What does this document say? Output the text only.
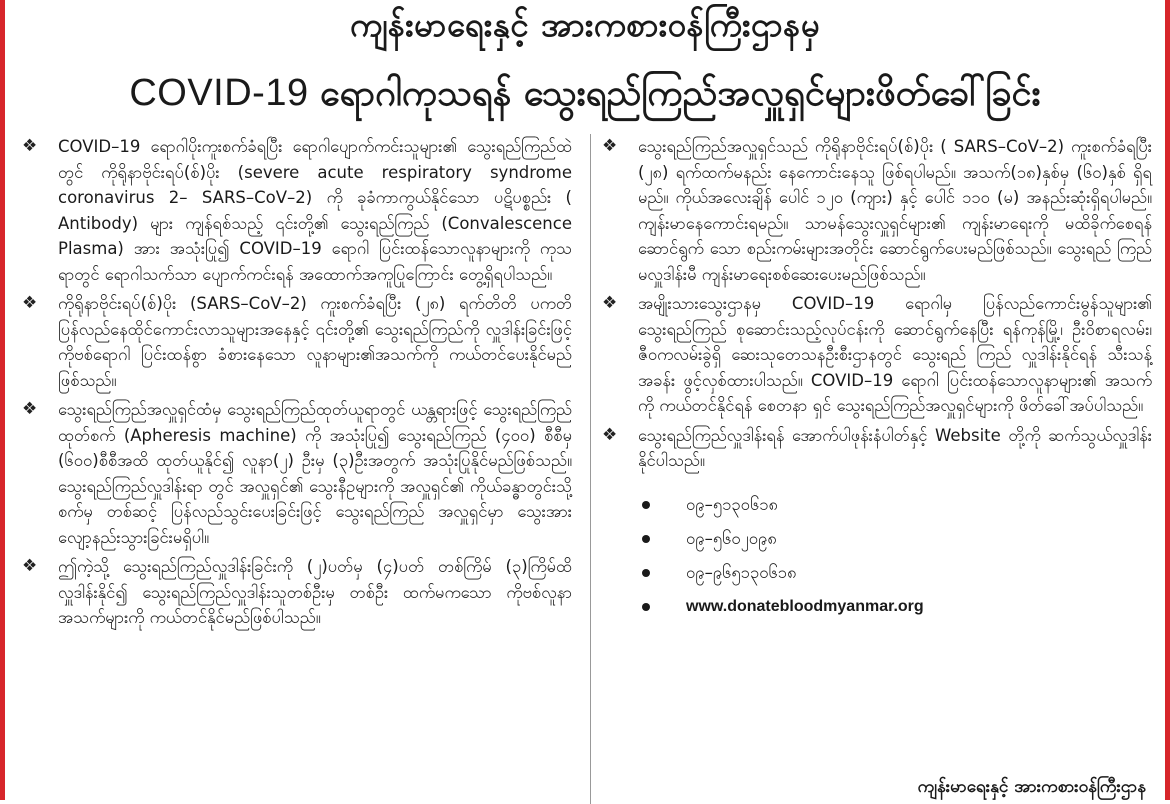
ကျန်းမာရေးနှင့် အားကစားဝန်ကြီးဌာနမှ
COVID-19 ရောဂါကုသရန် သွေးရည်ကြည်အလှူရှင်များဖိတ်ခေါ်ခြင်း
❖ COVID–19 ရောဂါပိုးကူးစက်ခံရပြီး ရောဂါပျောက်ကင်းသူများ၏ သွေးရည်ကြည်ထဲတွင် ကိုရိုနာဗိုင်းရပ်(စ်)ပိုး (severe acute respiratory syndrome coronavirus 2– SARS–CoV–2) ကို ခုခံကာကွယ်နိုင်သော ပဋိပစ္စည်း ( Antibody) များ ကျန်ရစ်သည့် ၎င်းတို့၏ သွေးရည်ကြည် (Convalescence Plasma) အား အသုံးပြု၍ COVID–19 ရောဂါ ပြင်းထန်သောလူနာများကို ကုသရာတွင် ရောဂါသက်သာ ပျောက်ကင်းရန် အထောက်အကူပြုကြောင်း တွေ့ရှိရပါသည်။
❖ ကိုရိုနာဗိုင်းရပ်(စ်)ပိုး (SARS–CoV–2) ကူးစက်ခံရပြီး (၂၈) ရက်တိတိ ပကတိ ပြန်လည်နေထိုင်ကောင်းလာသူများအနေနှင့် ၎င်းတို့၏ သွေးရည်ကြည်ကို လှူဒါန်းခြင်းဖြင့် ကိုဗစ်ရောဂါ ပြင်းထန်စွာ ခံစားနေသော လူနာများ၏အသက်ကို ကယ်တင်ပေးနိုင်မည်ဖြစ်သည်။
❖ သွေးရည်ကြည်အလှူရှင်ထံမှ သွေးရည်ကြည်ထုတ်ယူရာတွင် ယန္တရားဖြင့် သွေးရည်ကြည်ထုတ်စက် (Apheresis machine) ကို အသုံးပြု၍ သွေးရည်ကြည် (၄၀၀) စီစီမှ (၆၀၀)စီစီအထိ ထုတ်ယူနိုင်၍ လူနာ(၂) ဦးမှ (၃)ဦးအတွက် အသုံးပြုနိုင်မည်ဖြစ်သည်။ သွေးရည်ကြည်လှူဒါန်းရာ တွင် အလှူရှင်၏ သွေးနီဥများကို အလှူရှင်၏ ကိုယ်ခန္ဓာတွင်းသို့ စက်မှ တစ်ဆင့် ပြန်လည်သွင်းပေးခြင်းဖြင့် သွေးရည်ကြည် အလှူရှင်မှာ သွေးအား လျော့နည်းသွားခြင်းမရှိပါ။
❖ ဤကဲ့သို့ သွေးရည်ကြည်လှူဒါန်းခြင်းကို (၂)ပတ်မှ (၄)ပတ် တစ်ကြိမ် (၃)ကြိမ်ထိ လှူဒါန်းနိုင်၍ သွေးရည်ကြည်လှူဒါန်းသူတစ်ဦးမှ တစ်ဦး ထက်မကသော ကိုဗစ်လူနာအသက်များကို ကယ်တင်နိုင်မည်ဖြစ်ပါသည်။
❖ သွေးရည်ကြည်အလှူရှင်သည် ကိုရိုနာဗိုင်းရပ်(စ်)ပိုး ( SARS–CoV–2) ကူးစက်ခံရပြီး (၂၈) ရက်ထက်မနည်း နေကောင်းနေသူ ဖြစ်ရပါမည်။ အသက်(၁၈)နှစ်မှ (၆၀)နှစ် ရှိရမည်။ ကိုယ်အလေးချိန် ပေါင် ၁၂၀ (ကျား) နှင့် ပေါင် ၁၁၀ (မ) အနည်းဆုံးရှိရပါမည်။ ကျန်းမာနေကောင်းရမည်။ သာမန်သွေးလှူရှင်များ၏ ကျန်းမာရေးကို မထိခိုက်စေရန် ဆောင်ရွက် သော စည်းကမ်းများအတိုင်း ဆောင်ရွက်ပေးမည်ဖြစ်သည်။ သွေးရည် ကြည်မလှူဒါန်းမီ ကျန်းမာရေးစစ်ဆေးပေးမည်ဖြစ်သည်။
❖ အမျိုးသားသွေးဌာနမှ COVID–19 ရောဂါမှ ပြန်လည်ကောင်းမွန်သူများ၏ သွေးရည်ကြည် စုဆောင်းသည့်လုပ်ငန်းကို ဆောင်ရွက်နေပြီး ရန်ကုန်မြို့၊ ဦးဝိစာရလမ်း၊ ဇီဝကလမ်းခွဲရှိ ဆေးသုတေသနဦးစီးဌာနတွင် သွေးရည် ကြည် လှူဒါန်းနိုင်ရန် သီးသန့်အခန်း ဖွင့်လှစ်ထားပါသည်။ COVID–19 ရောဂါ ပြင်းထန်သောလူနာများ၏ အသက်ကို ကယ်တင်နိုင်ရန် စေတနာ ရှင် သွေးရည်ကြည်အလှူရှင်များကို ဖိတ်ခေါ်အပ်ပါသည်။
❖ သွေးရည်ကြည်လှူဒါန်းရန် အောက်ပါဖုန်းနံပါတ်နှင့် Website တို့ကို ဆက်သွယ်လှူဒါန်းနိုင်ပါသည်။
၀၉–၅၁၃၀၆၁၈
၀၉–၅၆၀၂၀၉၈
၀၉–၉၆၅၁၃၀၆၁၈
www.donatebloodmyanmar.org
ကျန်းမာရေးနှင့် အားကစားဝန်ကြီးဌာန
